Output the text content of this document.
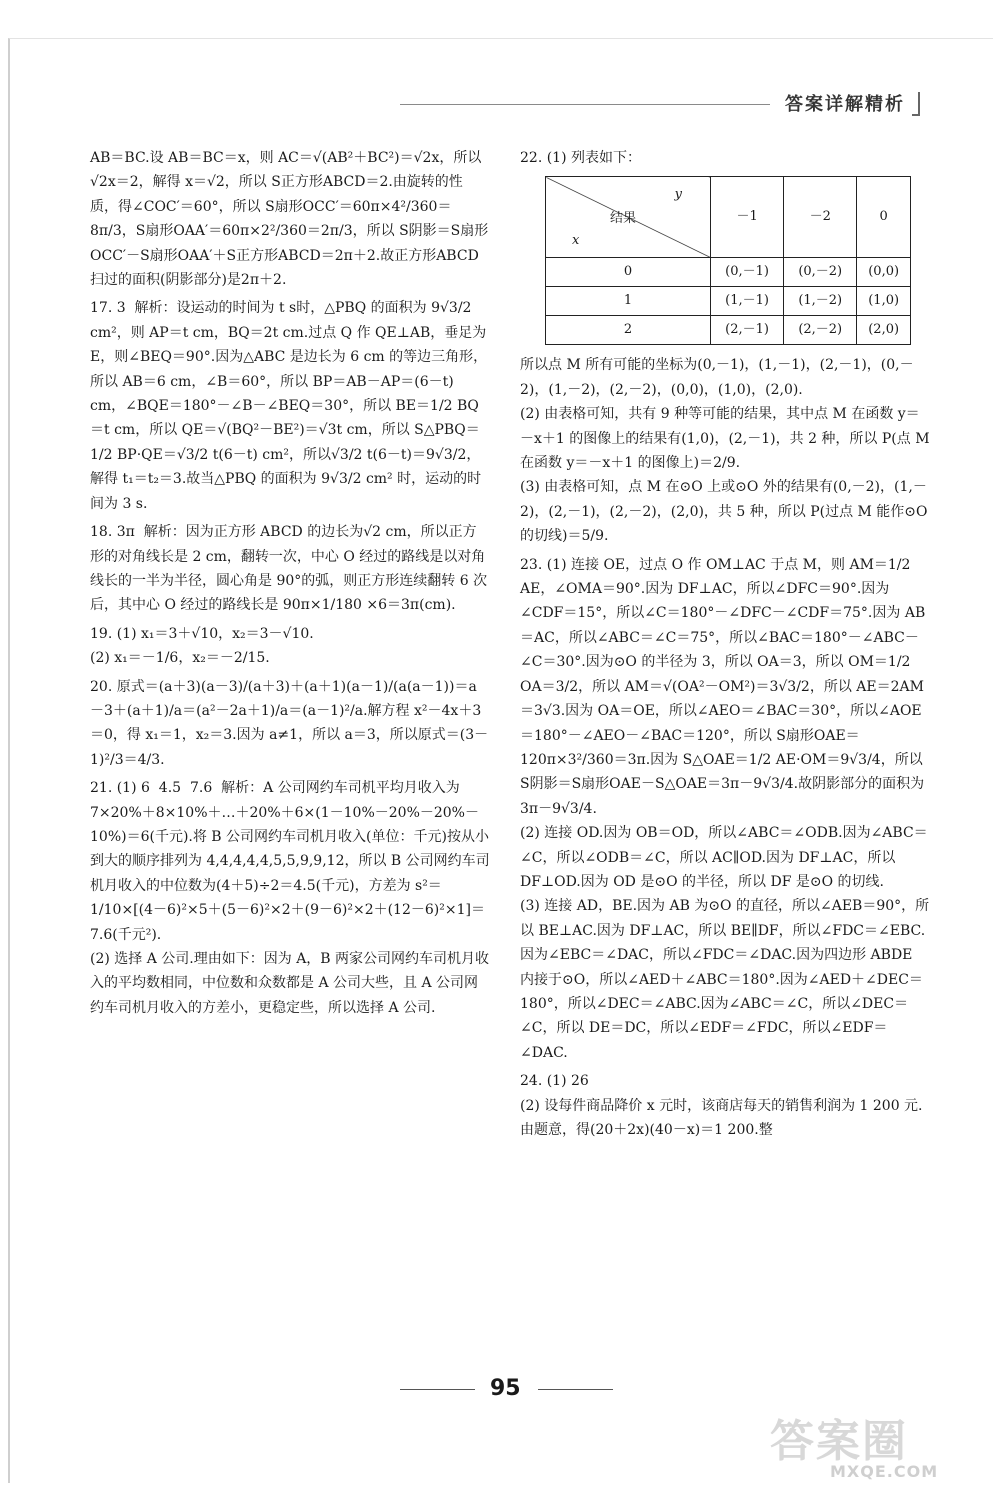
答案详解精析

AB＝BC.设 AB＝BC＝x，则 AC＝√(AB²＋BC²)＝√2x，所以√2x＝2，解得 x＝√2，所以 S正方形ABCD＝2.由旋转的性质，得∠COC′＝60°，所以 S扇形OCC′＝60π×4²/360＝8π/3，S扇形OAA′＝60π×2²/360＝2π/3，所以 S阴影＝S扇形OCC′－S扇形OAA′＋S正方形ABCD＝2π＋2.故正方形ABCD扫过的面积(阴影部分)是2π＋2.

17. 3  解析：设运动的时间为 t s时，△PBQ 的面积为 9√3/2 cm²，则 AP＝t cm，BQ＝2t cm.过点 Q 作 QE⊥AB，垂足为 E，则∠BEQ＝90°.因为△ABC 是边长为 6 cm 的等边三角形，所以 AB＝6 cm，∠B＝60°，所以 BP＝AB－AP＝(6－t) cm，∠BQE＝180°－∠B－∠BEQ＝30°，所以 BE＝1/2 BQ＝t cm，所以 QE＝√(BQ²－BE²)＝√3t cm，所以 S△PBQ＝1/2 BP·QE＝√3/2 t(6－t) cm²，所以√3/2 t(6－t)＝9√3/2，解得 t₁＝t₂＝3.故当△PBQ 的面积为 9√3/2 cm² 时，运动的时间为 3 s.

18. 3π  解析：因为正方形 ABCD 的边长为√2 cm，所以正方形的对角线长是 2 cm，翻转一次，中心 O 经过的路线是以对角线长的一半为半径，圆心角是 90°的弧，则正方形连续翻转 6 次后，其中心 O 经过的路线长是 90π×1/180 ×6＝3π(cm).

19. (1) x₁＝3＋√10，x₂＝3－√10.
(2) x₁＝－1/6，x₂＝－2/15.

20. 原式＝(a＋3)(a－3)/(a＋3)＋(a＋1)(a－1)/(a(a－1))＝a－3＋(a＋1)/a＝(a²－2a＋1)/a＝(a－1)²/a.解方程 x²－4x＋3＝0，得 x₁＝1，x₂＝3.因为 a≠1，所以 a＝3，所以原式＝(3－1)²/3＝4/3.

21. (1) 6  4.5  7.6  解析：A 公司网约车司机平均月收入为 7×20%＋8×10%＋…＋20%＋6×(1－10%－20%－20%－10%)＝6(千元).将 B 公司网约车司机月收入(单位：千元)按从小到大的顺序排列为 4,4,4,4,4,5,5,9,9,12，所以 B 公司网约车司机月收入的中位数为(4＋5)÷2＝4.5(千元)，方差为 s²＝1/10×[(4－6)²×5＋(5－6)²×2＋(9－6)²×2＋(12－6)²×1]＝7.6(千元²).
(2) 选择 A 公司.理由如下：因为 A，B 两家公司网约车司机月收入的平均数相同，中位数和众数都是 A 公司大些，且 A 公司网约车司机月收入的方差小，更稳定些，所以选择 A 公司.

22. (1) 列表如下：

y
结果
x	－1	－2	0
0	(0,－1)	(0,－2)	(0,0)
1	(1,－1)	(1,－2)	(1,0)
2	(2,－1)	(2,－2)	(2,0)

所以点 M 所有可能的坐标为(0,－1)，(1,－1)，(2,－1)，(0,－2)，(1,－2)，(2,－2)，(0,0)，(1,0)，(2,0).
(2) 由表格可知，共有 9 种等可能的结果，其中点 M 在函数 y＝－x＋1 的图像上的结果有(1,0)，(2,－1)，共 2 种，所以 P(点 M 在函数 y＝－x＋1 的图像上)＝2/9.
(3) 由表格可知，点 M 在⊙O 上或⊙O 外的结果有(0,－2)，(1,－2)，(2,－1)，(2,－2)，(2,0)，共 5 种，所以 P(过点 M 能作⊙O 的切线)＝5/9.

23. (1) 连接 OE，过点 O 作 OM⊥AC 于点 M，则 AM＝1/2 AE，∠OMA＝90°.因为 DF⊥AC，所以∠DFC＝90°.因为∠CDF＝15°，所以∠C＝180°－∠DFC－∠CDF＝75°.因为 AB＝AC，所以∠ABC＝∠C＝75°，所以∠BAC＝180°－∠ABC－∠C＝30°.因为⊙O 的半径为 3，所以 OA＝3，所以 OM＝1/2 OA＝3/2，所以 AM＝√(OA²－OM²)＝3√3/2，所以 AE＝2AM＝3√3.因为 OA＝OE，所以∠AEO＝∠BAC＝30°，所以∠AOE＝180°－∠AEO－∠BAC＝120°，所以 S扇形OAE＝120π×3²/360＝3π.因为 S△OAE＝1/2 AE·OM＝9√3/4，所以 S阴影＝S扇形OAE－S△OAE＝3π－9√3/4.故阴影部分的面积为 3π－9√3/4.
(2) 连接 OD.因为 OB＝OD，所以∠ABC＝∠ODB.因为∠ABC＝∠C，所以∠ODB＝∠C，所以 AC∥OD.因为 DF⊥AC，所以 DF⊥OD.因为 OD 是⊙O 的半径，所以 DF 是⊙O 的切线.
(3) 连接 AD，BE.因为 AB 为⊙O 的直径，所以∠AEB＝90°，所以 BE⊥AC.因为 DF⊥AC，所以 BE∥DF，所以∠FDC＝∠EBC.因为∠EBC＝∠DAC，所以∠FDC＝∠DAC.因为四边形 ABDE 内接于⊙O，所以∠AED＋∠ABC＝180°.因为∠AED＋∠DEC＝180°，所以∠DEC＝∠ABC.因为∠ABC＝∠C，所以∠DEC＝∠C，所以 DE＝DC，所以∠EDF＝∠FDC，所以∠EDF＝∠DAC.

24. (1) 26
(2) 设每件商品降价 x 元时，该商店每天的销售利润为 1 200 元.由题意，得(20＋2x)(40－x)＝1 200.整

95
答案圈
MXQE.COM
